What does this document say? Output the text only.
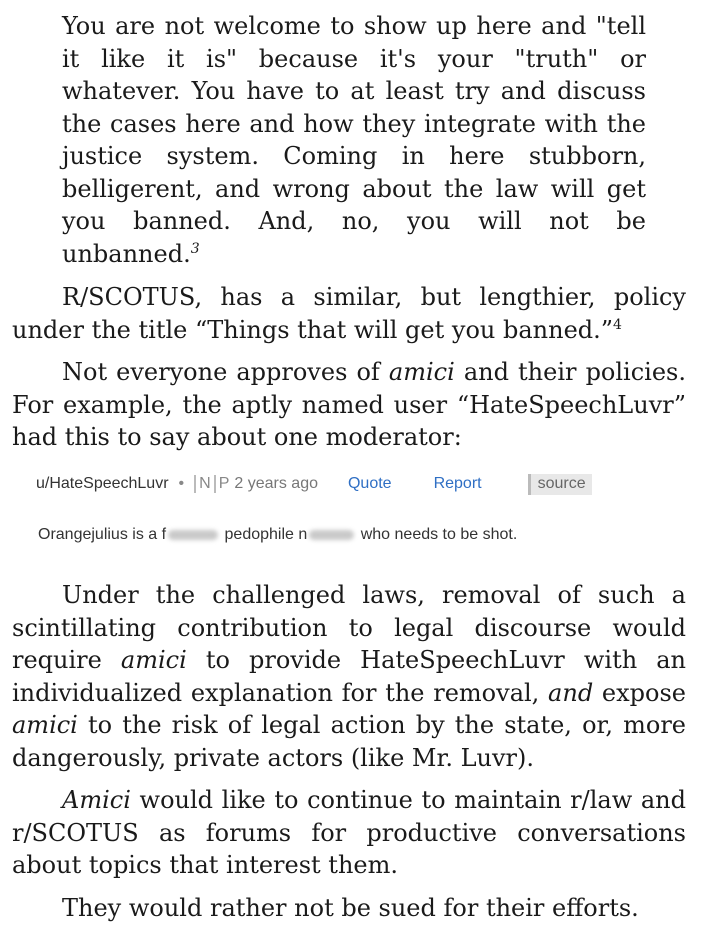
You are not welcome to show up here and "tell
it like it is" because it's your "truth" or
whatever. You have to at least try and discuss
the cases here and how they integrate with the
justice system. Coming in here stubborn,
belligerent, and wrong about the law will get
you banned. And, no, you will not be
unbanned.$^3$

R/SCOTUS, has a similar, but lengthier, policy under the title “Things that will get you banned.”$^4$

Not everyone approves of amici and their policies. For example, the aptly named user “HateSpeechLuvr” had this to say about one moderator:

u/HateSpeechLuvr • N P 2 years ago Quote	Report	source
Orangejulius is a f	pedophile n	who needs to be shot.

Under the challenged laws, removal of such a scintillating contribution to legal discourse would require amici to provide HateSpeechLuvr with an individualized explanation for the removal, and expose amici to the risk of legal action by the state, or, more dangerously, private actors (like Mr. Luvr).

Amici would like to continue to maintain r/law and r/SCOTUS as forums for productive conversations about topics that interest them.

They would rather not be sued for their efforts.
